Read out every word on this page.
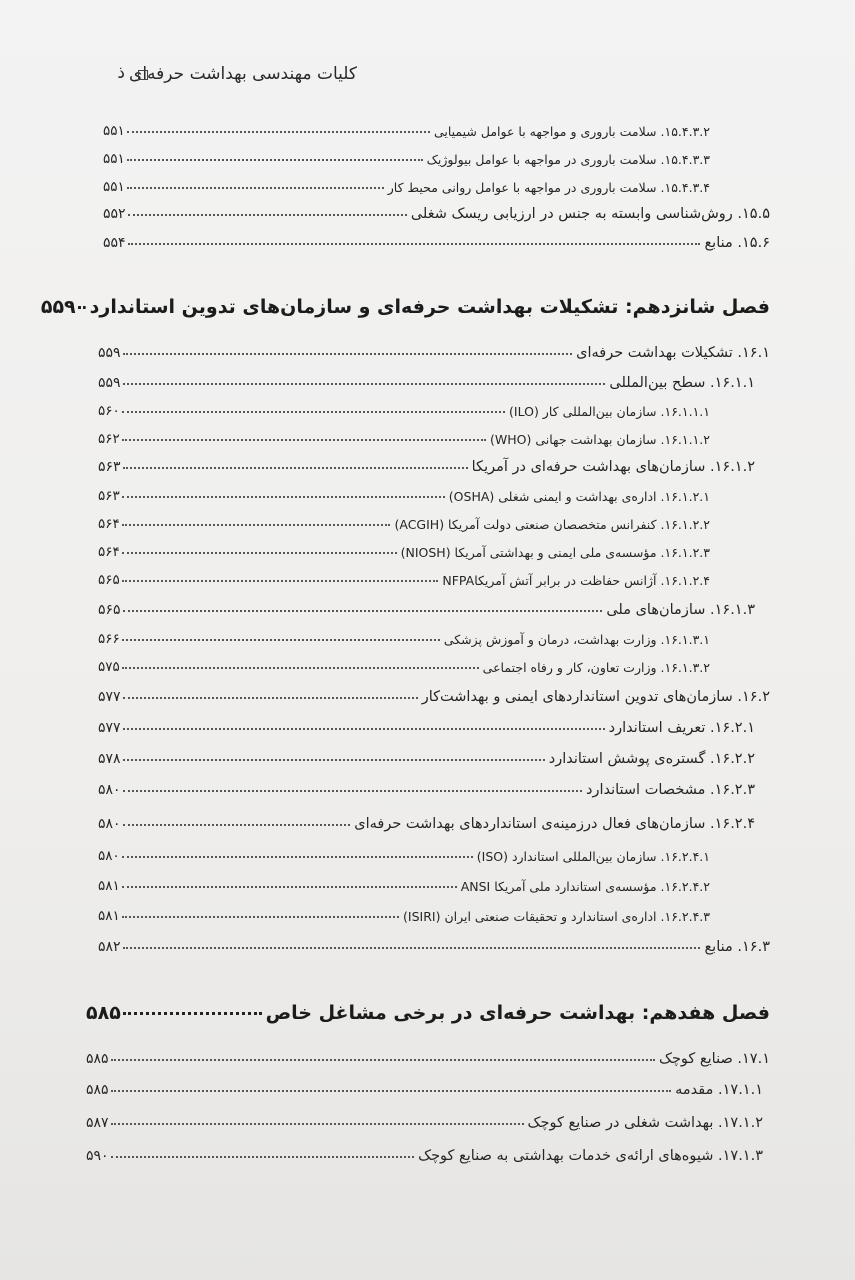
کلیات مهندسی بهداشت حرفه‌ای
ذ
۱۵.۴.۳.۲. سلامت باروری و مواجهه با عوامل شیمیایی
۵۵۱
۱۵.۴.۳.۳. سلامت باروری در مواجهه با عوامل بیولوژیک
۵۵۱
۱۵.۴.۳.۴. سلامت باروری در مواجهه با عوامل روانی محیط کار
۵۵۱
۱۵.۵. روش‌شناسی وابسته به جنس در ارزیابی ریسک شغلی
۵۵۲
۱۵.۶. منابع
۵۵۴
فصل شانزدهم: تشکیلات بهداشت حرفه‌ای و سازمان‌های تدوین استاندارد
۵۵۹
۱۶.۱. تشکیلات بهداشت حرفه‌ای
۵۵۹
۱۶.۱.۱. سطح بین‌المللی
۵۵۹
۱۶.۱.۱.۱. سازمان بین‌المللی کار (ILO)
۵۶۰
۱۶.۱.۱.۲. سازمان بهداشت جهانی (WHO)
۵۶۲
۱۶.۱.۲. سازمان‌های بهداشت حرفه‌ای در آمریکا
۵۶۳
۱۶.۱.۲.۱. اداره‌ی بهداشت و ایمنی شغلی (OSHA)
۵۶۳
۱۶.۱.۲.۲. کنفرانس متخصصان صنعتی دولت آمریکا (ACGIH)
۵۶۴
۱۶.۱.۲.۳. مؤسسه‌ی ملی ایمنی و بهداشتی آمریکا (NIOSH)
۵۶۴
۱۶.۱.۲.۴. آژانس حفاظت در برابر آتش آمریکاNFPA
۵۶۵
۱۶.۱.۳. سازمان‌های ملی
۵۶۵
۱۶.۱.۳.۱. وزارت بهداشت، درمان و آموزش پزشکی
۵۶۶
۱۶.۱.۳.۲. وزارت تعاون، کار و رفاه اجتماعی
۵۷۵
۱۶.۲. سازمان‌های تدوین استانداردهای ایمنی و بهداشت‌کار
۵۷۷
۱۶.۲.۱. تعریف استاندارد
۵۷۷
۱۶.۲.۲. گستره‌ی پوشش استاندارد
۵۷۸
۱۶.۲.۳. مشخصات استاندارد
۵۸۰
۱۶.۲.۴. سازمان‌های فعال درزمینه‌ی استانداردهای بهداشت حرفه‌ای
۵۸۰
۱۶.۲.۴.۱. سازمان بین‌المللی استاندارد (ISO)
۵۸۰
۱۶.۲.۴.۲. مؤسسه‌ی استاندارد ملی آمریکا ANSI
۵۸۱
۱۶.۲.۴.۳. اداره‌ی استاندارد و تحقیقات صنعتی ایران (ISIRI)
۵۸۱
۱۶.۳. منابع
۵۸۲
فصل هفدهم: بهداشت حرفه‌ای در برخی مشاغل خاص
۵۸۵
۱۷.۱. صنایع کوچک
۵۸۵
۱۷.۱.۱. مقدمه
۵۸۵
۱۷.۱.۲. بهداشت شغلی در صنایع کوچک
۵۸۷
۱۷.۱.۳. شیوه‌های ارائه‌ی خدمات بهداشتی به صنایع کوچک
۵۹۰
